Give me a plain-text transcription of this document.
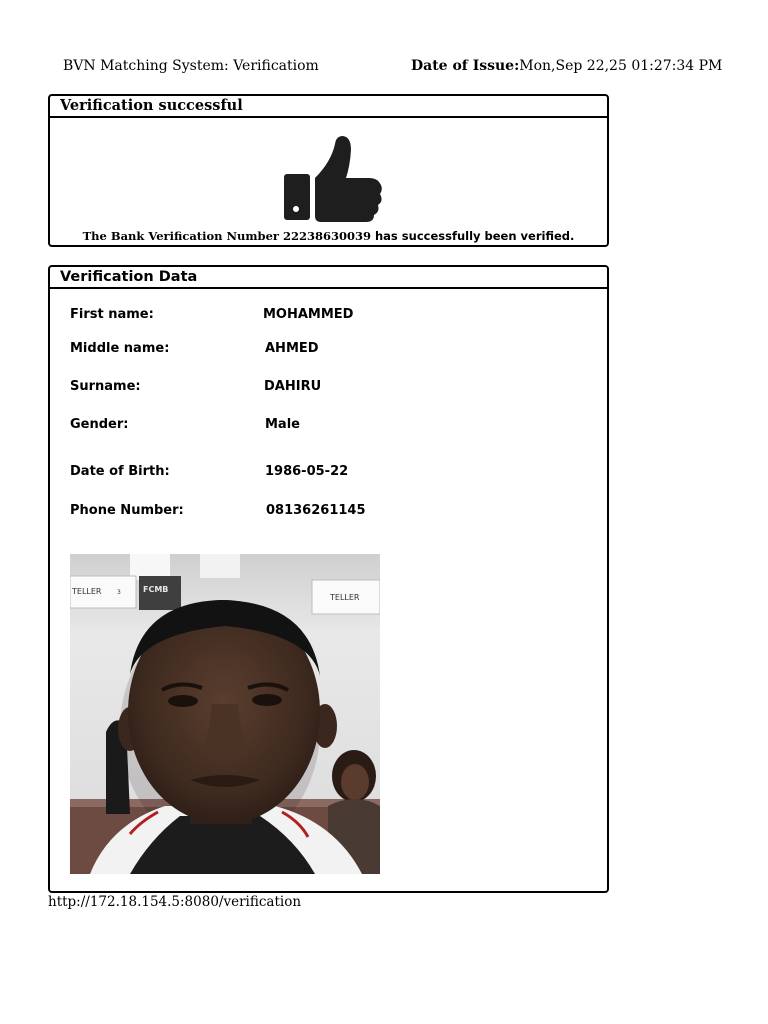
BVN Matching System: Verificatiom	Date of Issue:Mon,Sep 22,25 01:27:34 PM
Verification successful
The Bank Verification Number 22238630039 has successfully been verified.
Verification Data
First name:	MOHAMMED
Middle name:	AHMED
Surname:	DAHIRU
Gender:	Male
Date of Birth:	1986-05-22
Phone Number:	08136261145
TELLER	3	FCMB
TELLER
http://172.18.154.5:8080/verification
